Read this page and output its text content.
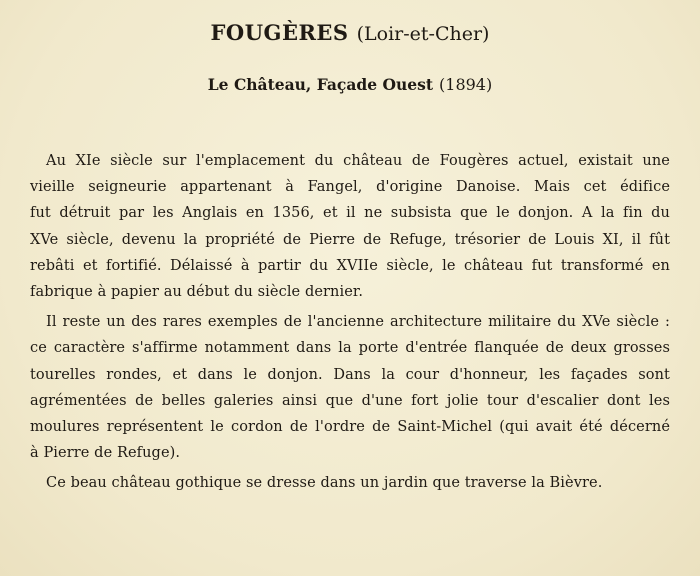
FOUGÈRES (Loir-et-Cher)
Le Château, Façade Ouest (1894)
Au XIe siècle sur l'emplacement du château de Fougères actuel, existait une
vieille seigneurie appartenant à Fangel, d'origine Danoise. Mais cet édifice
fut détruit par les Anglais en 1356, et il ne subsista que le donjon. A la fin du
XVe siècle, devenu la propriété de Pierre de Refuge, trésorier de Louis XI, il fût
rebâti et fortifié. Délaissé à partir du XVIIe siècle, le château fut transformé en
fabrique à papier au début du siècle dernier.
Il reste un des rares exemples de l'ancienne architecture militaire du XVe siècle :
ce caractère s'affirme notamment dans la porte d'entrée flanquée de deux grosses
tourelles rondes, et dans le donjon. Dans la cour d'honneur, les façades sont
agrémentées de belles galeries ainsi que d'une fort jolie tour d'escalier dont les
moulures représentent le cordon de l'ordre de Saint-Michel (qui avait été décerné
à Pierre de Refuge).
Ce beau château gothique se dresse dans un jardin que traverse la Bièvre.
